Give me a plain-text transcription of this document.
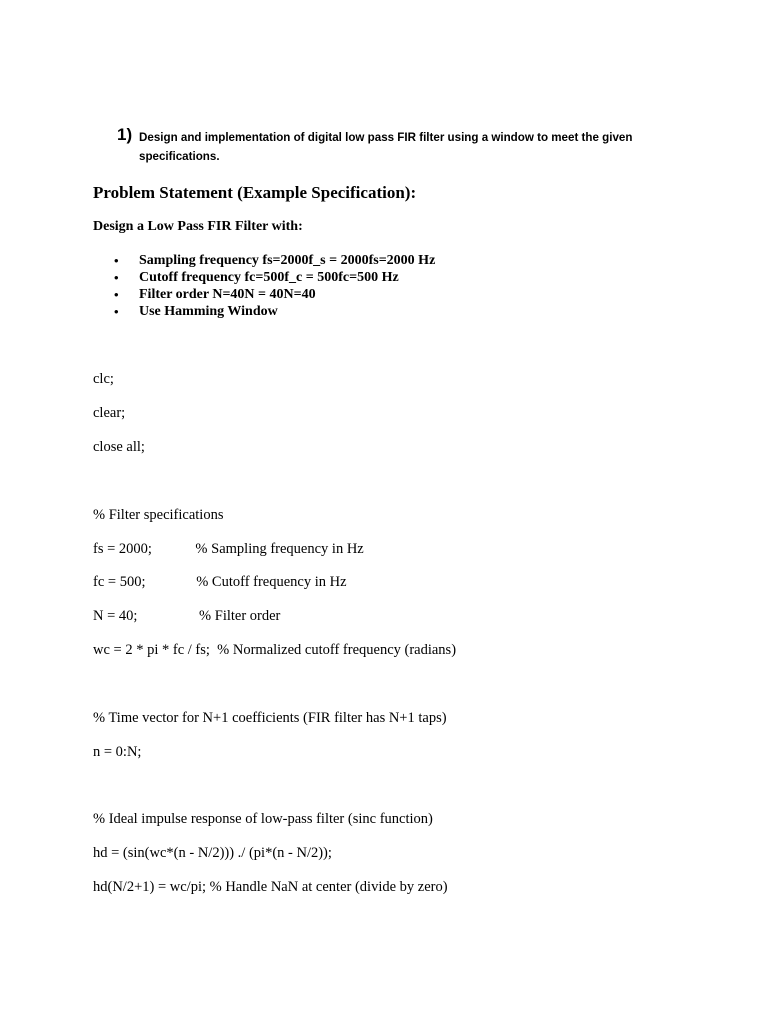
1) Design and implementation of digital low pass FIR filter using a window to meet the given specifications.
Problem Statement (Example Specification):
Design a Low Pass FIR Filter with:
• Sampling frequency fs=2000f_s = 2000fs=2000 Hz
• Cutoff frequency fc=500f_c = 500fc=500 Hz
• Filter order N=40N = 40N=40
• Use Hamming Window
clc;
clear;
close all;
% Filter specifications
fs = 2000;            % Sampling frequency in Hz
fc = 500;              % Cutoff frequency in Hz
N = 40;                 % Filter order
wc = 2 * pi * fc / fs;  % Normalized cutoff frequency (radians)
% Time vector for N+1 coefficients (FIR filter has N+1 taps)
n = 0:N;
% Ideal impulse response of low-pass filter (sinc function)
hd = (sin(wc*(n - N/2))) ./ (pi*(n - N/2));
hd(N/2+1) = wc/pi; % Handle NaN at center (divide by zero)
